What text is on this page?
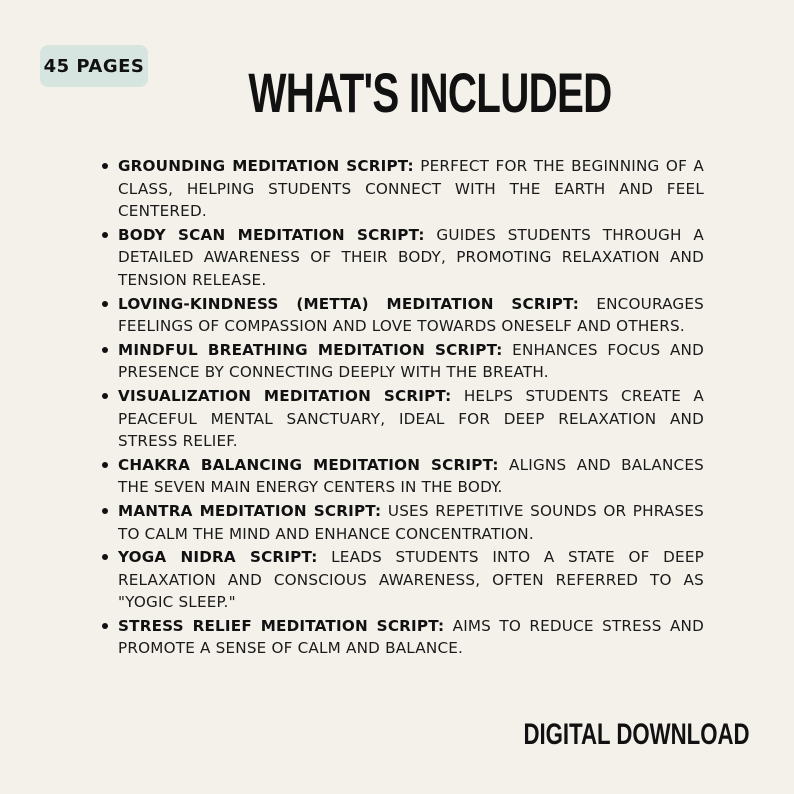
45 PAGES	WHAT'S INCLUDED
GROUNDING MEDITATION SCRIPT: PERFECT FOR THE BEGINNING OF A CLASS, HELPING STUDENTS CONNECT WITH THE EARTH AND FEEL CENTERED.
BODY SCAN MEDITATION SCRIPT: GUIDES STUDENTS THROUGH A DETAILED AWARENESS OF THEIR BODY, PROMOTING RELAXATION AND TENSION RELEASE.
LOVING-KINDNESS (METTA) MEDITATION SCRIPT: ENCOURAGES FEELINGS OF COMPASSION AND LOVE TOWARDS ONESELF AND OTHERS.
MINDFUL BREATHING MEDITATION SCRIPT: ENHANCES FOCUS AND PRESENCE BY CONNECTING DEEPLY WITH THE BREATH.
VISUALIZATION MEDITATION SCRIPT: HELPS STUDENTS CREATE A PEACEFUL MENTAL SANCTUARY, IDEAL FOR DEEP RELAXATION AND STRESS RELIEF.
CHAKRA BALANCING MEDITATION SCRIPT: ALIGNS AND BALANCES THE SEVEN MAIN ENERGY CENTERS IN THE BODY.
MANTRA MEDITATION SCRIPT: USES REPETITIVE SOUNDS OR PHRASES TO CALM THE MIND AND ENHANCE CONCENTRATION.
YOGA NIDRA SCRIPT: LEADS STUDENTS INTO A STATE OF DEEP RELAXATION AND CONSCIOUS AWARENESS, OFTEN REFERRED TO AS "YOGIC SLEEP."
STRESS RELIEF MEDITATION SCRIPT: AIMS TO REDUCE STRESS AND PROMOTE A SENSE OF CALM AND BALANCE.
DIGITAL DOWNLOAD
